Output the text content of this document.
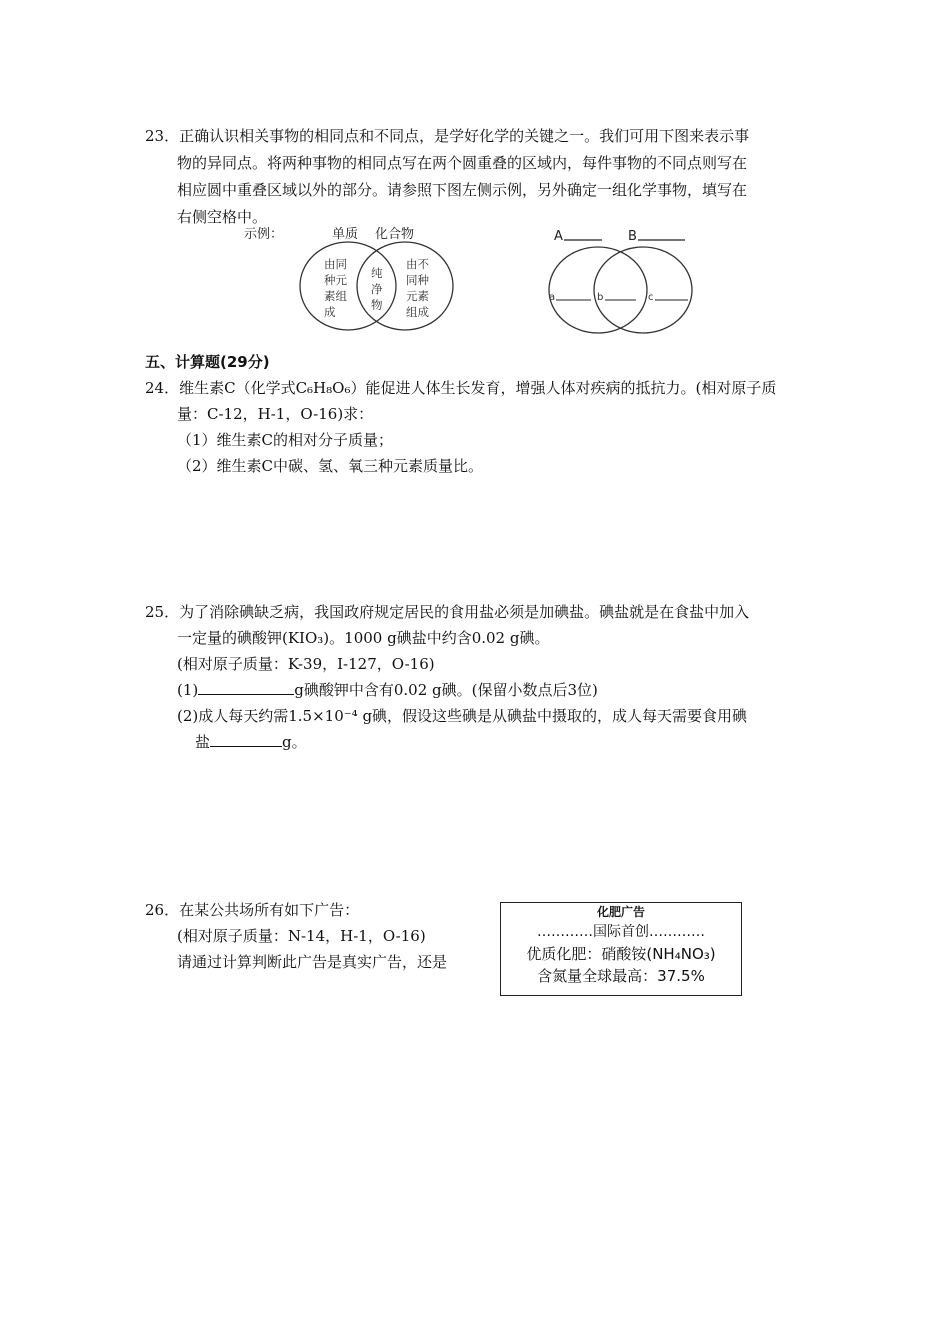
23．正确认识相关事物的相同点和不同点，是学好化学的关键之一。我们可用下图来表示事

物的异同点。将两种事物的相同点写在两个圆重叠的区域内，每件事物的不同点则写在

相应圆中重叠区域以外的部分。请参照下图左侧示例，另外确定一组化学事物，填写在

右侧空格中。

示例：	单质 化合物
由同
种元
素组
成
纯
净
物
由不
同种
元素
组成
A	B
a	b	c
五、计算题(29分)
24．维生素C（化学式C₆H₈O₆）能促进人体生长发育，增强人体对疾病的抵抗力。(相对原子质
量：C-12，H-1，O-16)求：
（1）维生素C的相对分子质量；
（2）维生素C中碳、氢、氧三种元素质量比。
25．为了消除碘缺乏病，我国政府规定居民的食用盐必须是加碘盐。碘盐就是在食盐中加入
一定量的碘酸钾(KIO₃)。1000 g碘盐中约含0.02 g碘。
(相对原子质量：K-39，I-127，O-16)
(1)	g碘酸钾中含有0.02 g碘。(保留小数点后3位)
(2)成人每天约需1.5×10⁻⁴ g碘，假设这些碘是从碘盐中摄取的，成人每天需要食用碘
盐	g。
26．在某公共场所有如下广告：
(相对原子质量：N-14，H-1，O-16)
请通过计算判断此广告是真实广告，还是
化肥广告
…………国际首创…………
优质化肥：硝酸铵(NH₄NO₃)
含氮量全球最高：37.5%
